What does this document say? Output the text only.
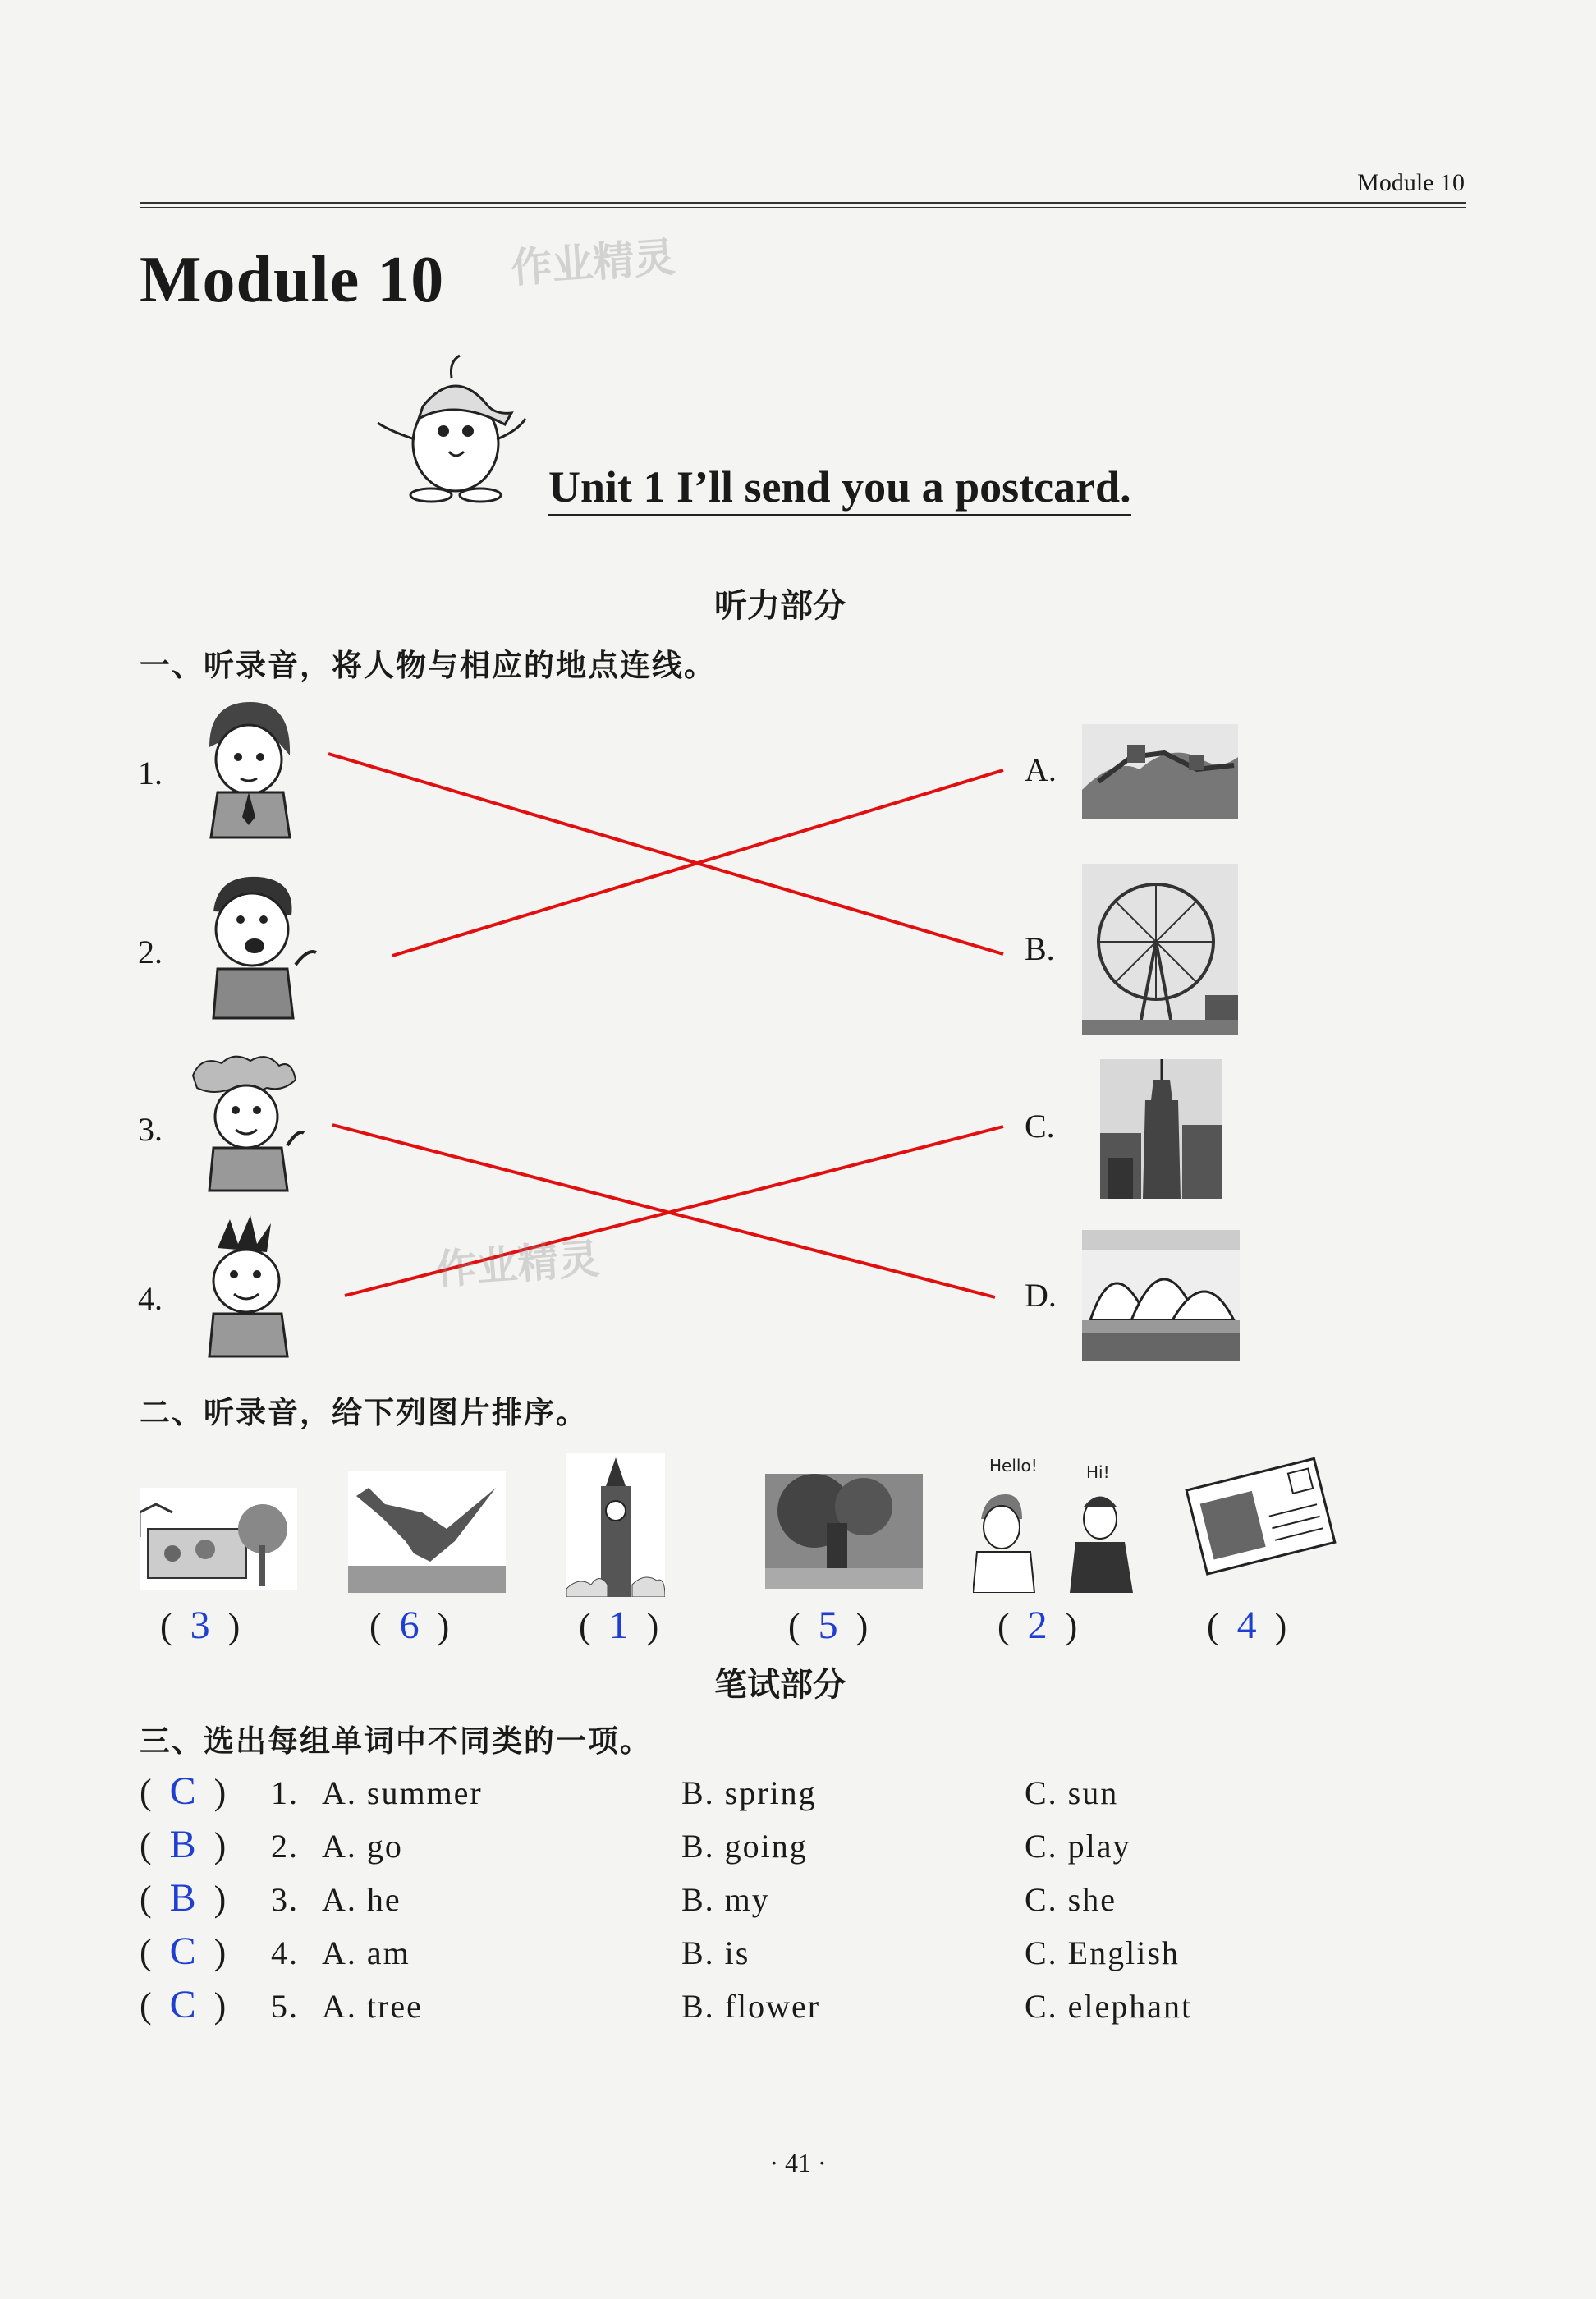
Module 10
Module 10 作业精灵
Unit 1 I’ll send you a postcard.
听力部分
一、听录音，将人物与相应的地点连线。
1.
2.
3.
4.
A.
B.
C.
D.
作业精灵
二、听录音，给下列图片排序。
Hello!	Hi!
(  3  )	(  6  )	(  1  )	(  5  )	(  2  )	(  4  )
笔试部分
三、选出每组单词中不同类的一项。
(  C  ) 1. A. summer	B. spring	C. sun
(  B  ) 2. A. go	B. going	C. play
(  B  ) 3. A. he	B. my	C. she
(  C  ) 4. A. am	B. is	C. English
(  C  ) 5. A. tree	B. flower	C. elephant
· 41 ·
